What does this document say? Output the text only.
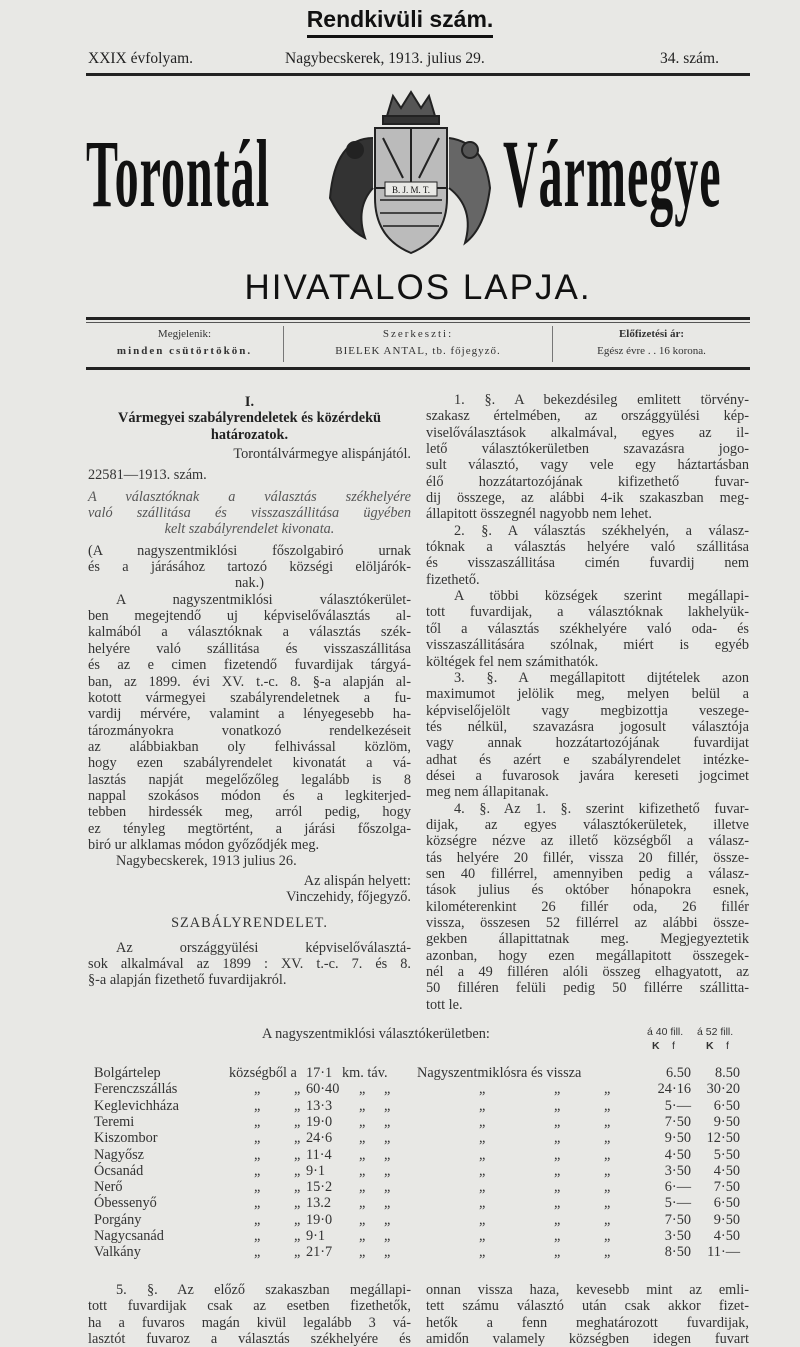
Rendkivüli szám.
XXIX évfolyam.	Nagybecskerek, 1913. julius 29.	34. szám.
Torontál Vármegye
B. J. M. T.
HIVATALOS LAPJA.
Megjelenik:
minden csütörtökön.
Szerkeszti:
BIELEK ANTAL, tb. főjegyző.
Előfizetési ár:
Egész évre . . 16 korona.
I.
Vármegyei szabályrendeletek és közérdekü
határozatok.
Torontálvármegye alispánjától.
22581—1913. szám.
A választóknak a választás székhelyére
való szállitása és visszaszállitása ügyében
kelt szabályrendelet kivonata.
(A nagyszentmiklósi főszolgabiró urnak
és a járásához tartozó községi elöljárók-
nak.)
A nagyszentmiklósi választókerület-
ben megejtendő uj képviselőválasztás al-
kalmából a választóknak a választás szék-
helyére való szállitása és visszaszállitása
és az e cimen fizetendő fuvardijak tárgyá-
ban, az 1899. évi XV. t.-c. 8. §-a alapján al-
kotott vármegyei szabályrendeletnek a fu-
vardij mérvére, valamint a lényegesebb ha-
tározmányokra vonatkozó rendelkezéseit
az alábbiakban oly felhivással közlöm,
hogy ezen szabályrendelet kivonatát a vá-
lasztás napját megelőzőleg legalább is 8
nappal szokásos módon és a legkiterjed-
tebben hirdessék meg, arról pedig, hogy
ez tényleg megtörtént, a járási főszolga-
biró ur alklamas módon győződjék meg.
Nagybecskerek, 1913 julius 26.
Az alispán helyett:
Vinczehidy, főjegyző.
SZABÁLYRENDELET.
Az országgyülési képviselőválasztá-
sok alkalmával az 1899 : XV. t.-c. 7. és 8.
§-a alapján fizethető fuvardijakról.
1. §. A bekezdésileg emlitett törvény-
szakasz értelmében, az országgyülési kép-
viselőválasztások alkalmával, egyes az il-
lető választókerületben szavazásra jogo-
sult választó, vagy vele egy háztartásban
élő hozzátartozójának kifizethető fuvar-
dij összege, az alábbi 4-ik szakaszban meg-
állapitott összegnél nagyobb nem lehet.
2. §. A választás székhelyén, a válasz-
tóknak a választás helyére való szállitása
és visszaszállitása cimén fuvardij nem
fizethető.
A többi községek szerint megállapi-
tott fuvardijak, a választóknak lakhelyük-
től a választás székhelyére való oda- és
visszaszállitására szólnak, miért is egyéb
költégek fel nem számithatók.
3. §. A megállapitott dijtételek azon
maximumot jelölik meg, melyen belül a
képviselőjelölt vagy megbizottja veszege-
tés nélkül, szavazásra jogosult választója
vagy annak hozzátartozójának fuvardijat
adhat és azért e szabályrendelet intézke-
dései a fuvarosok javára kereseti jogcimet
meg nem állapitanak.
4. §. Az 1. §. szerint kifizethető fuvar-
dijak, az egyes választókerületek, illetve
községre nézve az illető községből a válasz-
tás helyére 20 fillér, vissza 20 fillér, össze-
sen 40 fillérrel, amennyiben pedig a válasz-
tások julius és október hónapokra esnek,
kilométerenkint 26 fillér oda, 26 fillér
vissza, összesen 52 fillérrel az alábbi össze-
gekben állapittatnak meg. Megjegyeztetik
azonban, hogy ezen megállapitott összegek-
nél a 49 filléren alóli összeg elhagyatott, az
50 filléren felüli pedig 50 fillérre szállitta-
tott le.
A nagyszentmiklósi választókerületben:	á 40 fill. á 52 fill.
K f	K f
Bolgártelep	községből a 17·1 km. táv. Nagyszentmiklósra és vissza	6.50	8.50
Ferenczszállás	„ „ 60·40 „ „	„	„	„	24·16	30·20
Keglevichháza	„ „ 13·3 „ „	„	„	„	5·—	6·50
Teremi	„ „ 19·0 „ „	„	„	„	7·50	9·50
Kiszombor	„ „ 24·6 „ „	„	„	„	9·50	12·50
Nagyősz	„ „ 11·4 „ „	„	„	„	4·50	5·50
Ócsanád	„ „ 9·1 „ „	„	„	„	3·50	4·50
Nerő	„ „ 15·2 „ „	„	„	„	6·—	7·50
Óbessenyő	„ „ 13.2 „ „	„	„	„	5·—	6·50
Porgány	„ „ 19·0 „ „	„	„	„	7·50	9·50
Nagycsanád	„ „ 9·1 „ „	„	„	„	3·50	4·50
Valkány	„ „ 21·7 „ „	„	„	„	8·50	11·—
5. §. Az előző szakaszban megállapi-
tott fuvardijak csak az esetben fizethetők,
ha a fuvaros magán kivül legalább 3 vá-
lasztót fuvaroz a választás székhelyére és
onnan vissza haza, kevesebb mint az emli-
tett számu választó után csak akkor fizet-
hetők a fenn meghatározott fuvardijak,
amidőn valamely községben idegen fuvart
